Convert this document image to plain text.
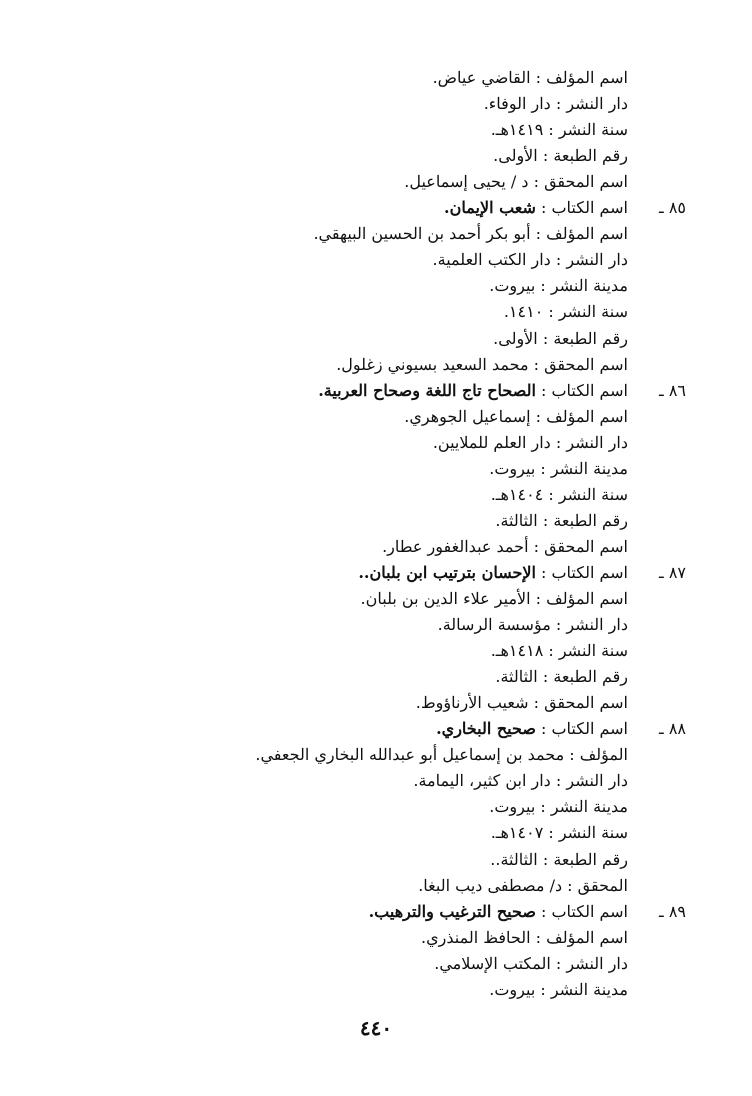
٤٤٠
اسم المؤلف : القاضي عياض.
دار النشر : دار الوفاء.
سنة النشر : ١٤١٩هـ.
رقم الطبعة : الأولى.
اسم المحقق : د / يحيى إسماعيل.
اسم الكتاب : شعب الإيمان.	٨٥ ـ
اسم المؤلف : أبو بكر أحمد بن الحسين البيهقي.
دار النشر : دار الكتب العلمية.
مدينة النشر : بيروت.
سنة النشر : ١٤١٠.
رقم الطبعة : الأولى.
اسم المحقق : محمد السعيد بسيوني زغلول.
اسم الكتاب : الصحاح تاج اللغة وصحاح العربية.	٨٦ ـ
اسم المؤلف : إسماعيل الجوهري.
دار النشر : دار العلم للملايين.
مدينة النشر : بيروت.
سنة النشر : ١٤٠٤هـ.
رقم الطبعة : الثالثة.
اسم المحقق : أحمد عبدالغفور عطار.
اسم الكتاب : الإحسان بترتيب ابن بلبان..	٨٧ ـ
اسم المؤلف : الأمير علاء الدين بن بلبان.
دار النشر : مؤسسة الرسالة.
سنة النشر : ١٤١٨هـ.
رقم الطبعة : الثالثة.
اسم المحقق : شعيب الأرناؤوط.
اسم الكتاب : صحيح البخاري.	٨٨ ـ
المؤلف : محمد بن إسماعيل أبو عبدالله البخاري الجعفي.
دار النشر : دار ابن كثير، اليمامة.
مدينة النشر : بيروت.
سنة النشر : ١٤٠٧هـ.
رقم الطبعة : الثالثة..
المحقق : د/ مصطفى ديب البغا.
اسم الكتاب : صحيح الترغيب والترهيب.	٨٩ ـ
اسم المؤلف : الحافظ المنذري.
دار النشر : المكتب الإسلامي.
مدينة النشر : بيروت.
